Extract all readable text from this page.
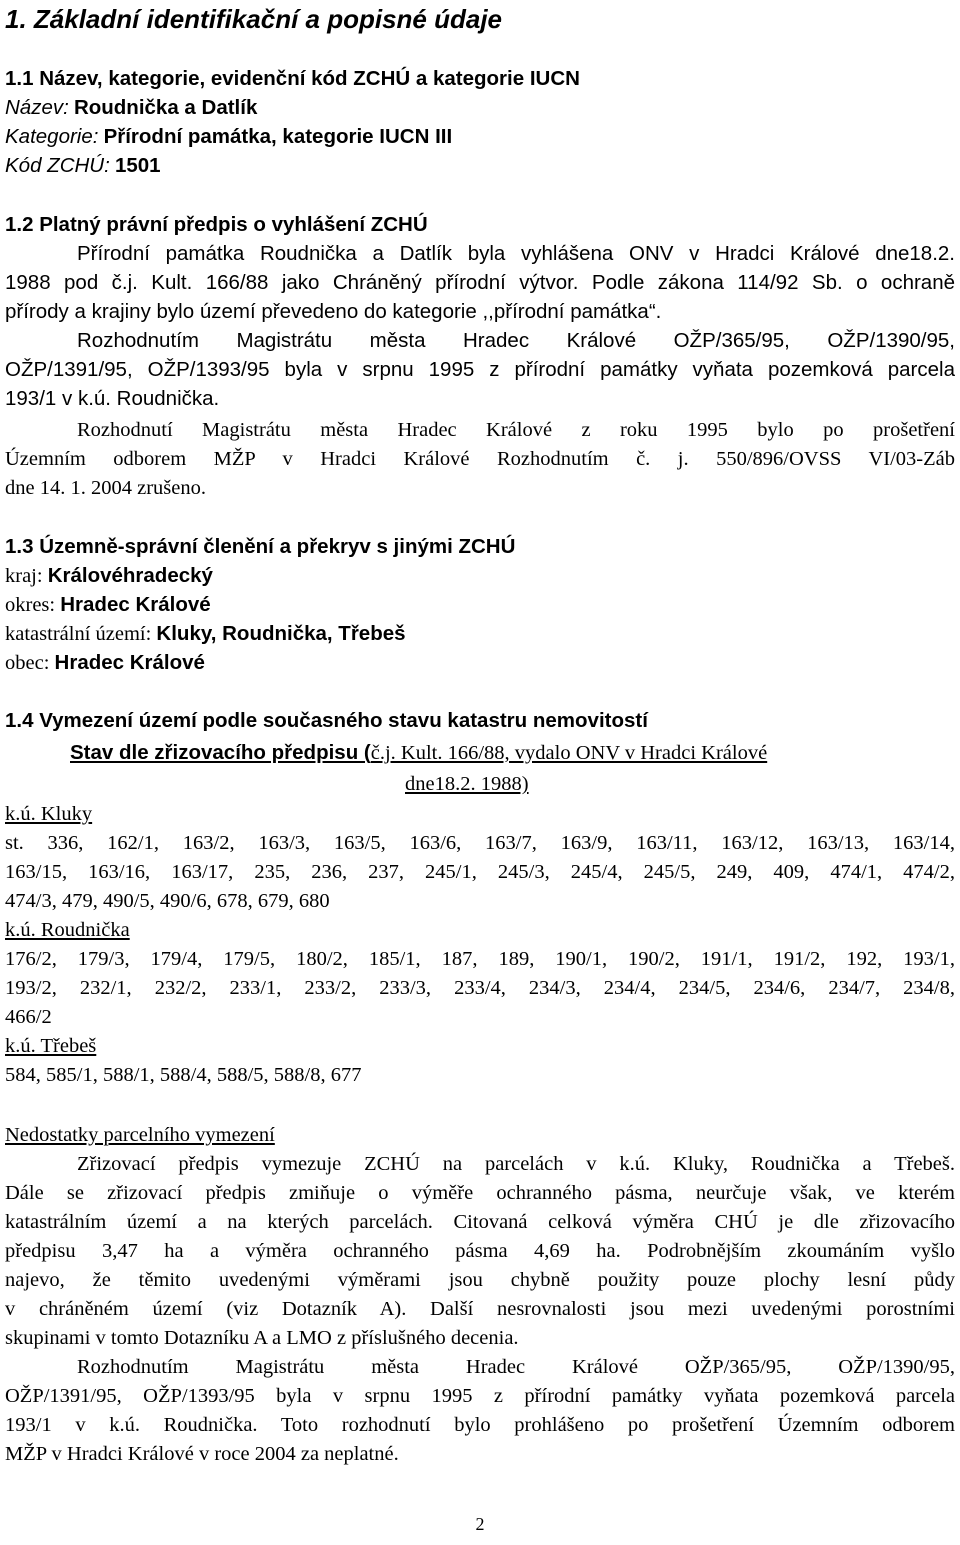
1. Základní identifikační a popisné údaje
1.1 Název, kategorie, evidenční kód ZCHÚ a kategorie IUCN
Název: Roudnička a Datlík
Kategorie: Přírodní památka, kategorie IUCN III
Kód ZCHÚ: 1501
1.2 Platný právní předpis o vyhlášení ZCHÚ
Přírodní památka Roudnička a Datlík byla vyhlášena ONV v Hradci Králové dne18.2.
1988 pod č.j. Kult. 166/88 jako Chráněný přírodní výtvor. Podle zákona 114/92 Sb. o ochraně
přírody a krajiny bylo území převedeno do kategorie ,,přírodní památka“.
Rozhodnutím Magistrátu města Hradec Králové OŽP/365/95, OŽP/1390/95,
OŽP/1391/95, OŽP/1393/95 byla v srpnu 1995 z přírodní památky vyňata pozemková parcela
193/1 v k.ú. Roudnička.
Rozhodnutí Magistrátu města Hradec Králové z roku 1995 bylo po prošetření
Územním odborem MŽP v Hradci Králové Rozhodnutím č. j. 550/896/OVSS VI/03-Záb
dne 14. 1. 2004 zrušeno.
1.3 Územně-správní členění a překryv s jinými ZCHÚ
kraj: Královéhradecký
okres: Hradec Králové
katastrální území: Kluky, Roudnička, Třebeš
obec: Hradec Králové
1.4 Vymezení území podle současného stavu katastru nemovitostí
Stav dle zřizovacího předpisu (č.j. Kult. 166/88, vydalo ONV v Hradci Králové
dne18.2. 1988)
k.ú. Kluky
st. 336, 162/1, 163/2, 163/3, 163/5, 163/6, 163/7, 163/9, 163/11, 163/12, 163/13, 163/14,
163/15, 163/16, 163/17, 235, 236, 237, 245/1, 245/3, 245/4, 245/5, 249, 409, 474/1, 474/2,
474/3, 479, 490/5, 490/6, 678, 679, 680
k.ú. Roudnička
176/2, 179/3, 179/4, 179/5, 180/2, 185/1, 187, 189, 190/1, 190/2, 191/1, 191/2, 192, 193/1,
193/2, 232/1, 232/2, 233/1, 233/2, 233/3, 233/4, 234/3, 234/4, 234/5, 234/6, 234/7, 234/8,
466/2
k.ú. Třebeš
584, 585/1, 588/1, 588/4, 588/5, 588/8, 677
Nedostatky parcelního vymezení
Zřizovací předpis vymezuje ZCHÚ na parcelách v k.ú. Kluky, Roudnička a Třebeš.
Dále se zřizovací předpis zmiňuje o výměře ochranného pásma, neurčuje však, ve kterém
katastrálním území a na kterých parcelách. Citovaná celková výměra CHÚ je dle zřizovacího
předpisu 3,47 ha a výměra ochranného pásma 4,69 ha. Podrobnějším zkoumáním vyšlo
najevo, že těmito uvedenými výměrami jsou chybně použity pouze plochy lesní půdy
v chráněném území (viz Dotazník A). Další nesrovnalosti jsou mezi uvedenými porostními
skupinami v tomto Dotazníku A a LMO z příslušného decenia.
Rozhodnutím Magistrátu města Hradec Králové OŽP/365/95, OŽP/1390/95,
OŽP/1391/95, OŽP/1393/95 byla v srpnu 1995 z přírodní památky vyňata pozemková parcela
193/1 v k.ú. Roudnička. Toto rozhodnutí bylo prohlášeno po prošetření Územním odborem
MŽP v Hradci Králové v roce 2004 za neplatné.
2
